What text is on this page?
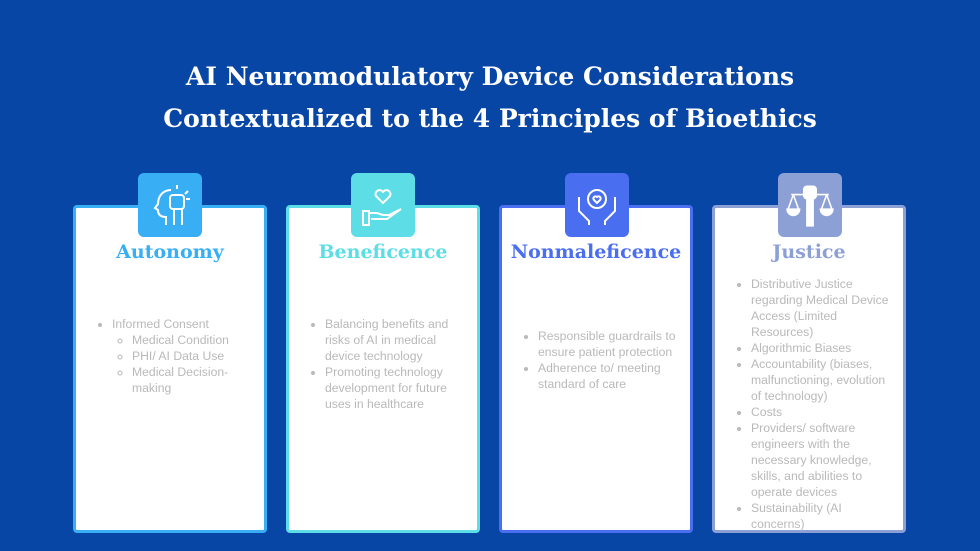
AI Neuromodulatory Device Considerations
Contextualized to the 4 Principles of Bioethics
Autonomy
• Informed Consent
◦ Medical Condition
◦ PHI/ AI Data Use
◦ Medical Decision-making
Beneficence
• Balancing benefits and risks of AI in medical device technology
• Promoting technology development for future uses in healthcare
Nonmaleficence
• Responsible guardrails to ensure patient protection
• Adherence to/ meeting standard of care
Justice
• Distributive Justice regarding Medical Device Access (Limited Resources)
• Algorithmic Biases
• Accountability (biases, malfunctioning, evolution of technology)
• Costs
• Providers/ software engineers with the necessary knowledge, skills, and abilities to operate devices
• Sustainability (AI concerns)
